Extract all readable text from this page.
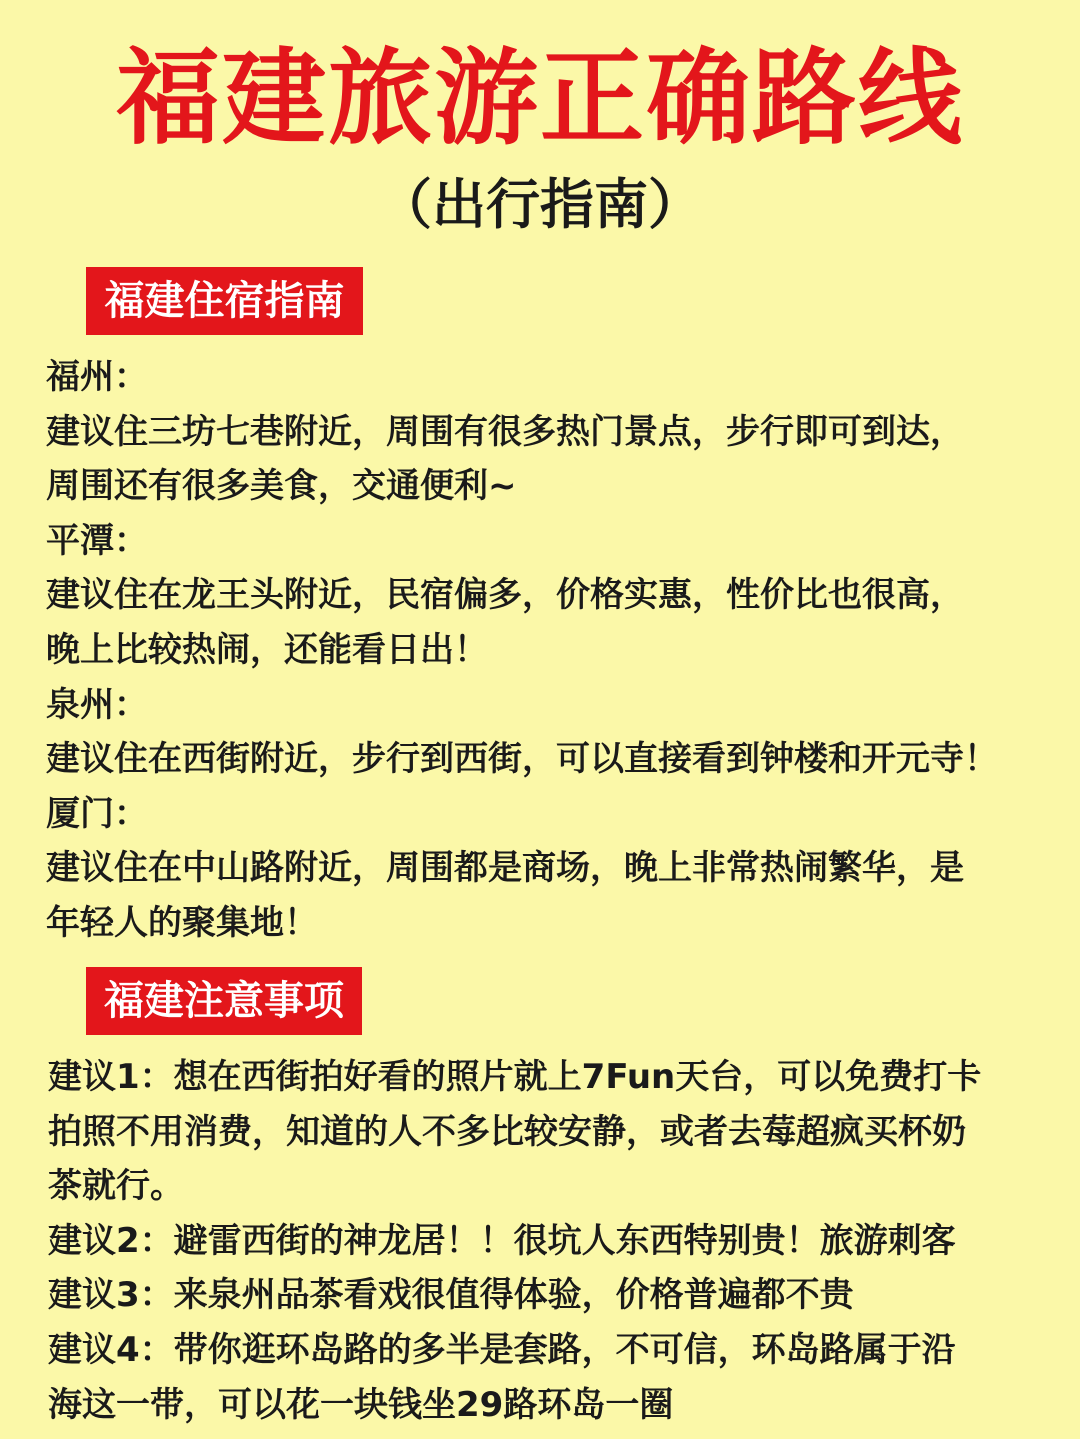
福建旅游正确路线
（出行指南）
福建住宿指南

福州：

建议住三坊七巷附近，周围有很多热门景点，步行即可到达，

周围还有很多美食，交通便利~

平潭：

建议住在龙王头附近，民宿偏多，价格实惠，性价比也很高，

晚上比较热闹，还能看日出！

泉州：

建议住在西街附近，步行到西街，可以直接看到钟楼和开元寺！

厦门：

建议住在中山路附近，周围都是商场，晚上非常热闹繁华，是

年轻人的聚集地！

福建注意事项

建议1：想在西街拍好看的照片就上7Fun天台，可以免费打卡

拍照不用消费，知道的人不多比较安静，或者去莓超疯买杯奶

茶就行。

建议2：避雷西街的神龙居！！很坑人东西特别贵！旅游刺客

建议3：来泉州品茶看戏很值得体验，价格普遍都不贵

建议4：带你逛环岛路的多半是套路，不可信，环岛路属于沿

海这一带，可以花一块钱坐29路环岛一圈
